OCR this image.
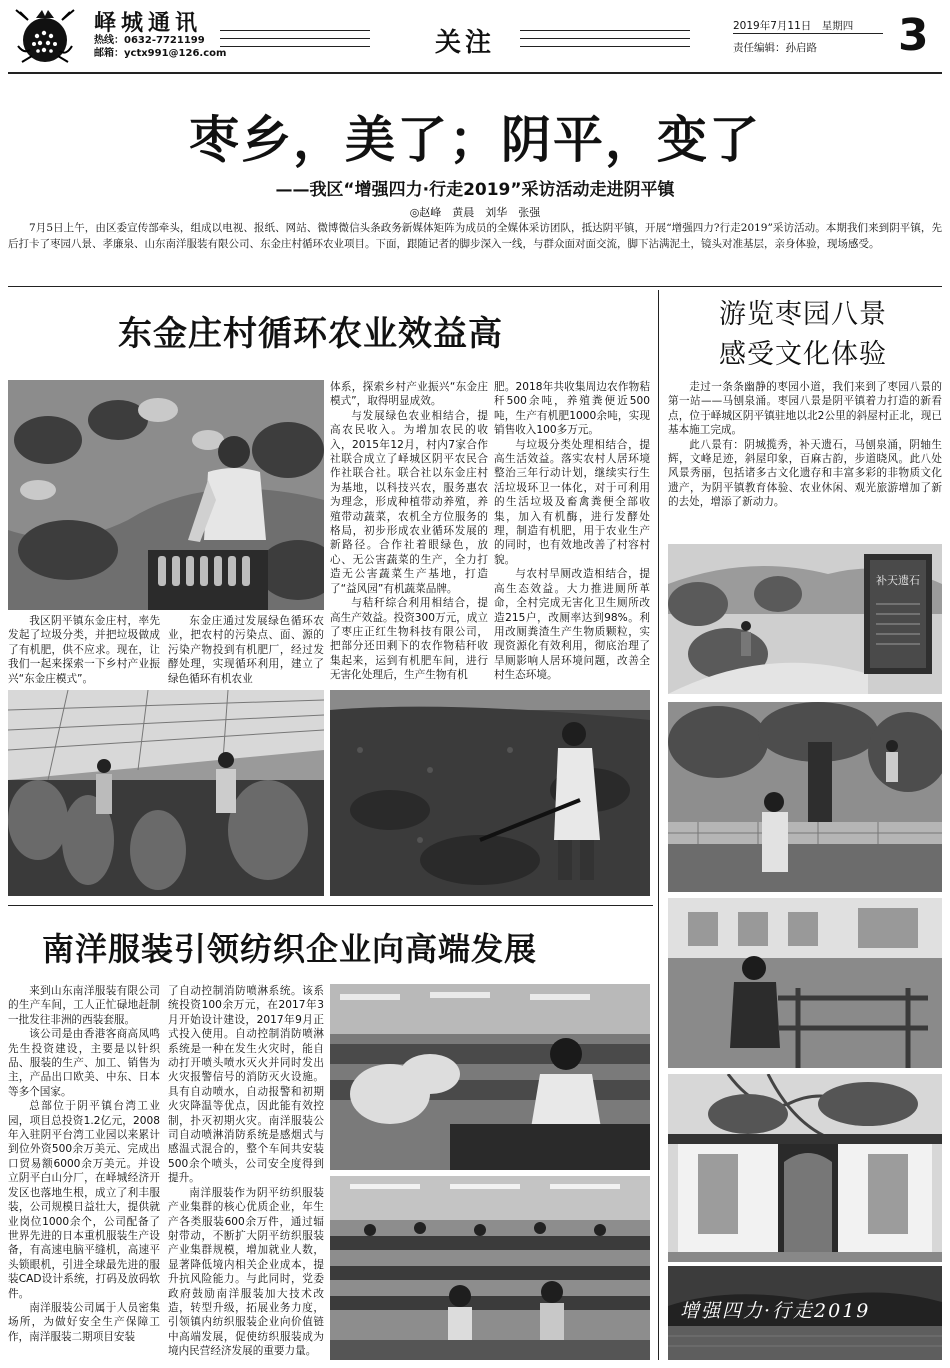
峄城通讯
热线：0632-7721199
邮箱：yctx991@126.com	关注
2019年7月11日　星期四
责任编辑：孙启路 3
枣乡，美了；阴平，变了
——我区“增强四力·行走2019”采访活动走进阴平镇
◎赵峰　黄晨　刘华　张强
7月5日上午，由区委宣传部牵头，组成以电视、报纸、网站、微博微信头条政务新媒体矩阵为成员的全媒体采访团队，抵达阴平镇，开展“增强四力?行走2019”采访活动。本期我们来到阴平镇，先后打卡了枣园八景、孝廉泉、山东南洋服装有限公司、东金庄村循环农业项目。下面，跟随记者的脚步深入一线，与群众面对面交流，脚下沾满泥土，镜头对准基层，亲身体验，现场感受。
东金庄村循环农业效益高

我区阴平镇东金庄村，率先发起了垃圾分类，并把垃圾做成了有机肥，供不应求。现在，让我们一起来探索一下乡村产业振兴“东金庄模式”。

东金庄通过发展绿色循环农业，把农村的污染点、面、源的污染产物投到有机肥厂，经过发酵处理，实现循环利用，建立了绿色循环有机农业

体系，探索乡村产业振兴“东金庄模式”，取得明显成效。

与发展绿色农业相结合，提高农民收入。为增加农民的收入，2015年12月，村内7家合作社联合成立了峄城区阴平农民合作社联合社。联合社以东金庄村为基地，以科技兴农，服务惠农为理念，形成种植带动养殖，养殖带动蔬菜，农机全方位服务的格局，初步形成农业循环发展的新路径。合作社着眼绿色，放心、无公害蔬菜的生产，全力打造无公害蔬菜生产基地，打造了“益风园”有机蔬菜品牌。

与秸秆综合利用相结合，提高生产效益。投资300万元，成立了枣庄正红生物科技有限公司，把部分还田剩下的农作物秸秆收集起来，运到有机肥车间，进行无害化处理后，生产生物有机

肥。2018年共收集周边农作物秸秆500余吨，养殖粪便近500吨，生产有机肥1000余吨，实现销售收入100多万元。

与垃圾分类处理相结合，提高生活效益。落实农村人居环境整治三年行动计划，继续实行生活垃圾环卫一体化，对于可利用的生活垃圾及畜禽粪便全部收集，加入有机酶，进行发酵处理，制造有机肥，用于农业生产的同时，也有效地改善了村容村貌。

与农村旱厕改造相结合，提高生态效益。大力推进厕所革命，全村完成无害化卫生厕所改造215户，改厕率达到98%。利用改厕粪渣生产生物质颗粒，实现资源化有效利用，彻底治理了旱厕影响人居环境问题，改善全村生态环境。

游览枣园八景
感受文化体验

走过一条条幽静的枣园小道，我们来到了枣园八景的第一站——马刨泉涌。枣园八景是阴平镇着力打造的新看点，位于峄城区阴平镇驻地以北2公里的斜屋村正北，现已基本施工完成。

此八景有：阴城揽秀，补天遗石，马刨泉涌，阴轴生辉，文峰足迹，斜屋印象，百麻古韵，步道晓风。此八处风景秀丽，包括诸多古文化遗存和丰富多彩的非物质文化遗产，为阴平镇教育体验、农业休闲、观光旅游增加了新的去处，增添了新动力。

补天遗石
增强四力·行走2019
南洋服装引领纺织企业向高端发展

来到山东南洋服装有限公司的生产车间，工人正忙碌地赶制一批发往非洲的西装套服。

该公司是由香港客商高凤鸣先生投资建设，主要是以针织品、服装的生产、加工、销售为主，产品出口欧美、中东、日本等多个国家。

总部位于阴平镇台湾工业园，项目总投资1.2亿元，2008年入驻阴平台湾工业园以来累计到位外资500余万美元、完成出口贸易额6000余万美元。并设立阴平白山分厂，在峄城经济开发区也落地生根，成立了利丰服装，公司规模日益壮大，提供就业岗位1000余个，公司配备了世界先进的日本重机服装生产设备，有高速电脑平缝机，高速平头锁眼机，引进全球最先进的服装CAD设计系统，打码及放码软件。

南洋服装公司属于人员密集场所，为做好安全生产保障工作，南洋服装二期项目安装

了自动控制消防喷淋系统。该系统投资100余万元，在2017年3月开始设计建设，2017年9月正式投入使用。自动控制消防喷淋系统是一种在发生火灾时，能自动打开喷头喷水灭火并同时发出火灾报警信号的消防灭火设施。具有自动喷水，自动报警和初期火灾降温等优点，因此能有效控制，扑灭初期火灾。南洋服装公司自动喷淋消防系统是感烟式与感温式混合的，整个车间共安装500余个喷头，公司安全度得到提升。

南洋服装作为阴平纺织服装产业集群的核心优质企业，年生产各类服装600余万件，通过辐射带动，不断扩大阴平纺织服装产业集群规模，增加就业人数，显著降低境内相关企业成本，提升抗风险能力。与此同时，党委政府鼓励南洋服装加大技术改造，转型升级，拓展业务力度，引领镇内纺织服装企业向价值链中高端发展，促使纺织服装成为境内民营经济发展的重要力量。
